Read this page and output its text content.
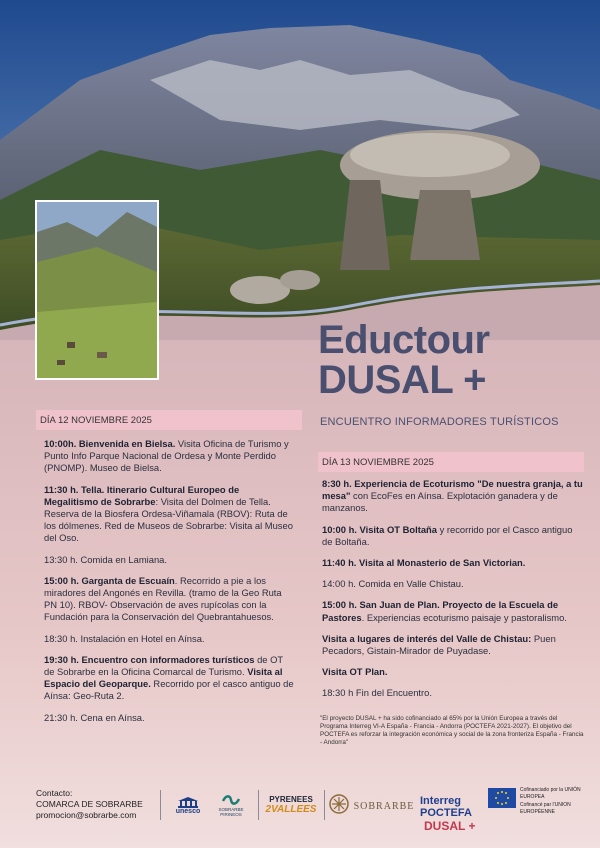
Eductour
DUSAL +
ENCUENTRO INFORMADORES TURÍSTICOS
DÍA 12 NOVIEMBRE 2025

10:00h. Bienvenida en Bielsa. Visita Oficina de Turismo y Punto Info Parque Nacional de Ordesa y Monte Perdido (PNOMP). Museo de Bielsa.

11:30 h. Tella. Itinerario Cultural Europeo de Megalitismo de Sobrarbe: Visita del Dolmen de Tella. Reserva de la Biosfera Ordesa-Viñamala (RBOV): Ruta de los dólmenes. Red de Museos de Sobrarbe: Visita al Museo del Oso.

13:30 h. Comida en Lamiana.

15:00 h. Garganta de Escuaín. Recorrido a pie a los miradores del Angonés en Revilla. (tramo de la Geo Ruta PN 10). RBOV- Observación de aves rupícolas con la Fundación para la Conservación del Quebrantahuesos.

18:30 h. Instalación en Hotel en Aínsa.

19:30 h. Encuentro con informadores turísticos de OT de Sobrarbe en la Oficina Comarcal de Turismo. Visita al Espacio del Geoparque. Recorrido por el casco antiguo de Aínsa: Geo-Ruta 2.

21:30 h. Cena en Aínsa.

DÍA 13 NOVIEMBRE 2025

8:30 h. Experiencia de Ecoturismo "De nuestra granja, a tu mesa" con EcoFes en Aínsa. Explotación ganadera y de manzanos.

10:00 h. Visita OT Boltaña y recorrido por el Casco antiguo de Boltaña.

11:40 h. Visita al Monasterio de San Victorian.

14:00 h. Comida en Valle Chistau.

15:00 h. San Juan de Plan. Proyecto de la Escuela de Pastores. Experiencias ecoturismo paisaje y pastoralismo.

Visita a lugares de interés del Valle de Chistau: Puen Pecadors, Gistain-Mirador de Puyadase.

Visita OT Plan.

18:30 h Fin del Encuentro.

"El proyecto DUSAL + ha sido cofinanciado al 65% por la Unión Europea a través del Programa Interreg VI-A España - Francia - Andorra (POCTEFA 2021-2027). El objetivo del POCTEFA es reforzar la integración económica y social de la zona fronteriza España - Francia - Andorra"
Contacto:
COMARCA DE SOBRARBE
promocion@sobrarbe.com	unesco	SOBRARBE PIRINEOS
PYRENEES
2VALLEES	SOBRARBE Interreg
POCTEFA
Cofinanciado por la UNIÓN EUROPEA
Cofinancé par l'UNION EUROPÉENNE
DUSAL +
